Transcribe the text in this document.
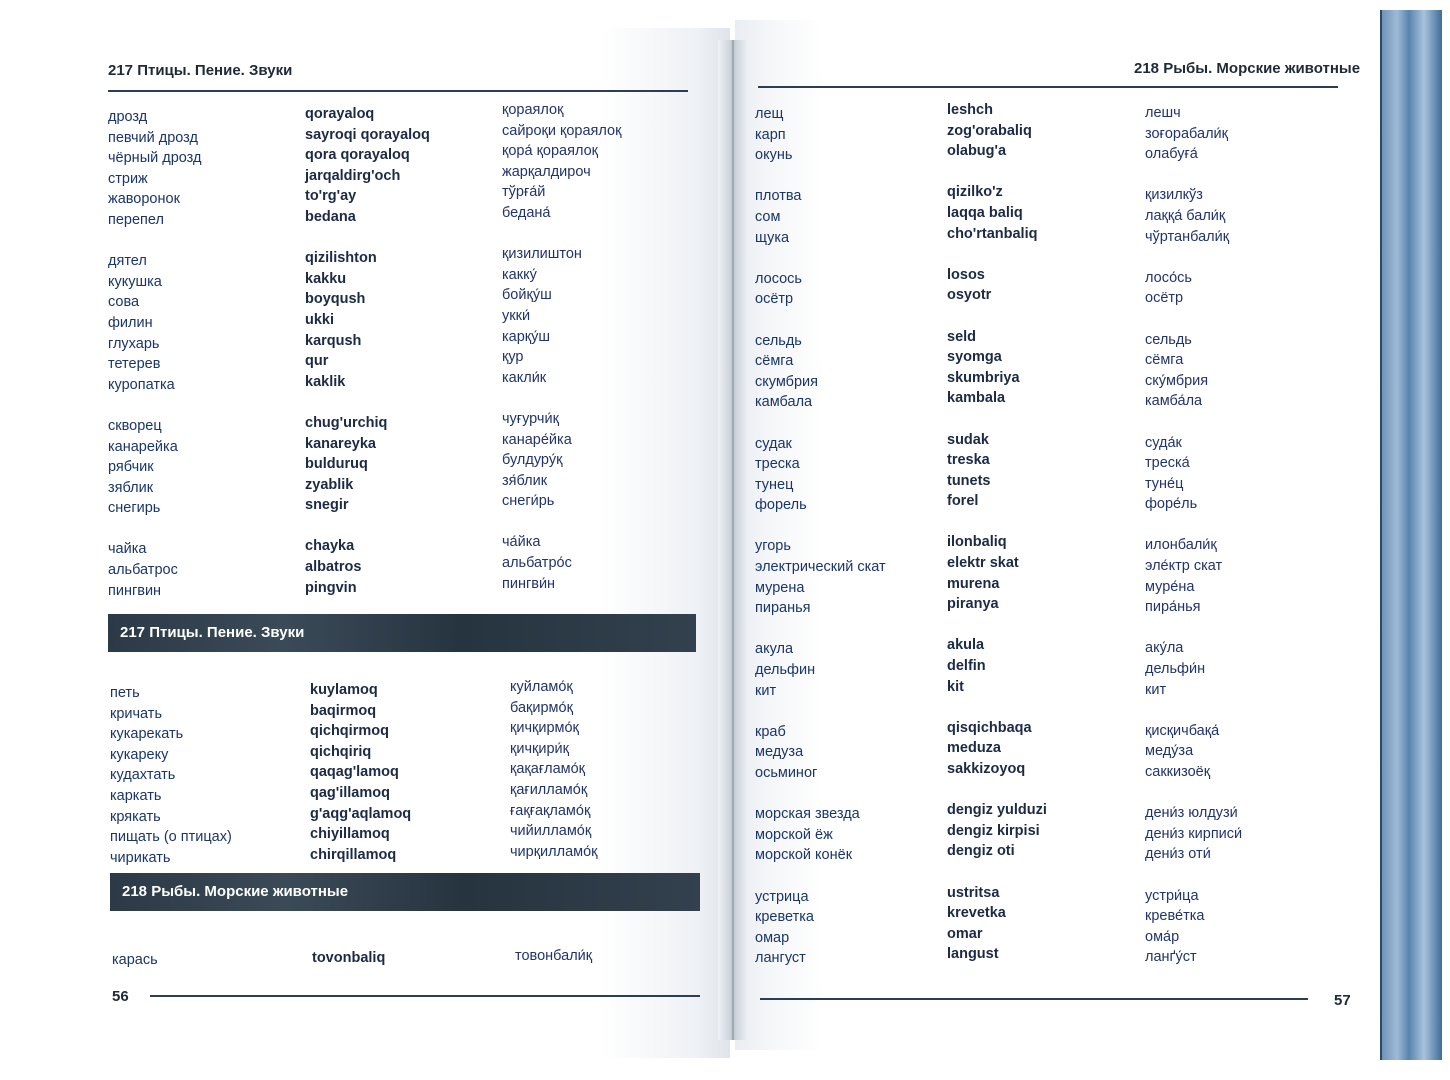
217 Птицы. Пение. Звуки
дрозд
певчий дрозд
чёрный дрозд
стриж
жаворонок
перепел
дятел
кукушка
сова
филин
глухарь
тетерев
куропатка
скворец
канарейка
рябчик
зяблик
снегирь
чайка
альбатрос
пингвин
qorayaloq
sayroqi qorayaloq
qora qorayaloq
jarqaldirg'och
to'rg'ay
bedana
qizilishton
kakku
boyqush
ukki
karqush
qur
kaklik
chug'urchiq
kanareyka
bulduruq
zyablik
snegir
chayka
albatros
pingvin
қораялоқ
сайроқи қораялоқ
қора́ қораялоқ
жарқалдироч
тўрға́й
бедана́
қизилиштон
какку́
бойқу́ш
укки́
карқу́ш
қур
какли́к
чуғурчи́қ
канаре́йка
булдуру́қ
зя́блик
снеги́рь
ча́йка
альбатро́с
пингви́н
217 Птицы. Пение. Звуки
петь
кричать
кукарекать
кукареку
кудахтать
каркать
крякать
пищать (о птицах)
чирикать
kuylamoq
baqirmoq
qichqirmoq
qichqiriq
qaqag'lamoq
qag'illamoq
g'aqg'aqlamoq
chiyillamoq
chirqillamoq
куйламо́қ
бақирмо́қ
қичқирмо́қ
қичқири́қ
қақағламо́қ
қағилламо́қ
ғақғақламо́қ
чийилламо́қ
чирқилламо́қ
218 Рыбы. Морские животные
карась	tovonbaliq	товонбали́қ
56
218 Рыбы. Морские животные
лещ
карп
окунь
плотва
сом
щука
лосось
осётр
сельдь
сёмга
скумбрия
камбала
судак
треска
тунец
форель
угорь
электрический скат
мурена
пиранья
акула
дельфин
кит
краб
медуза
осьминог
морская звезда
морской ёж
морской конёк
устрица
креветка
омар
лангуст
leshch
zog'orabaliq
olabug'a
qizilko'z
laqqa baliq
cho'rtanbaliq
losos
osyotr
seld
syomga
skumbriya
kambala
sudak
treska
tunets
forel
ilonbaliq
elektr skat
murena
piranya
akula
delfin
kit
qisqichbaqa
meduza
sakkizoyoq
dengiz yulduzi
dengiz kirpisi
dengiz oti
ustritsa
krevetka
omar
langust
лешч
зоғорабали́қ
олабуға́
қизилкўз
лаққа́ бали́қ
чўртанбали́қ
лосо́сь
осётр
сельдь
сёмга
ску́мбрия
камба́ла
суда́к
треска́
туне́ц
форе́ль
илонбали́қ
эле́ктр скат
муре́на
пира́нья
аку́ла
дельфи́н
кит
қисқичбақа́
меду́за
саккизоёқ
дени́з юлдузи́
дени́з кирписи́
дени́з оти́
устри́ца
креве́тка
ома́р
ланґу́ст
57
